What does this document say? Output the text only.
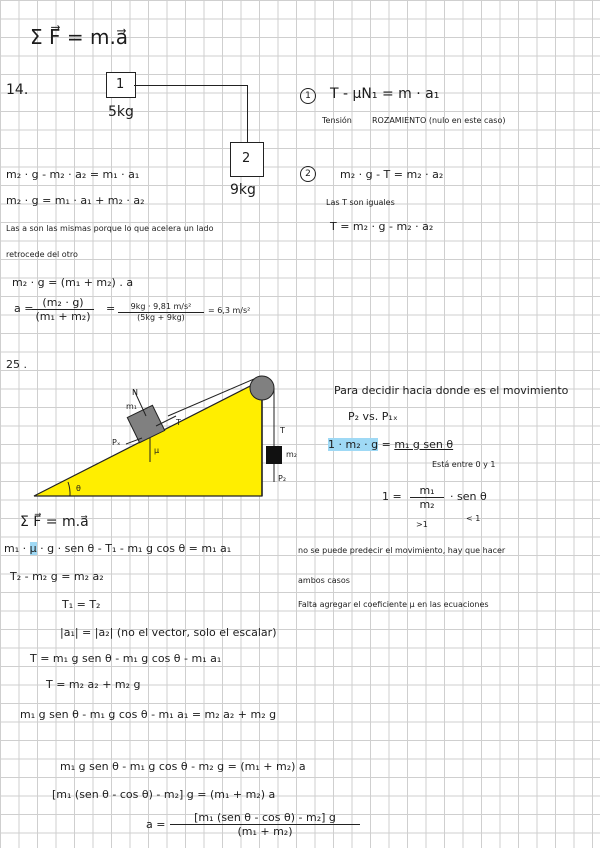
Σ F⃗ = m.a⃗
14.	1
5kg
2
9kg
1	T - μN₁ = m · a₁
Tensión	ROZAMIENTO (nulo en este caso)
2	m₂ · g - T = m₂ · a₂
Las T son iguales
T = m₂ · g - m₂ · a₂
m₂ · g - m₂ · a₂ = m₁ · a₁
m₂ · g = m₁ · a₁ + m₂ · a₂
Las a son las mismas porque lo que acelera un lado
retrocede del otro
m₂ · g = (m₁ + m₂) . a
a =
$\frac{\text{(m₂ · g)}}{\text{(m₁ + m₂)}} = \frac{\text{9kg · 9,81 m/s²}}{(5kg + 9kg)} = 6,3$ m/s²
25 .
N
m₁
T
Pₓ
μ
θ
T
m₂
P₂
Para decidir hacia donde es el movimiento
P₂ vs. P₁ₓ
1 · m₂ · g = m₁ g sen θ
Está entre 0 y 1
$1 = \frac{\text{m₁}}{\text{m₂}}$ · sen θ
>1
< 1
Σ F⃗ = m.a⃗
m₁ · μ · g · sen θ - T₁ - m₁ g cos θ = m₁ a₁	no se puede predecir el movimiento, hay que hacer
T₂ - m₂ g = m₂ a₂	ambos casos
T₁ = T₂	Falta agregar el coeficiente μ en las ecuaciones
|a₁| = |a₂| (no el vector, solo el escalar)
T = m₁ g sen θ - m₁ g cos θ - m₁ a₁
T = m₂ a₂ + m₂ g
m₁ g sen θ - m₁ g cos θ - m₁ a₁ = m₂ a₂ + m₂ g
m₁ g sen θ - m₁ g cos θ - m₂ g = (m₁ + m₂) a
[m₁ (sen θ - cos θ) - m₂] g = (m₁ + m₂) a
a =
[m₁ (sen θ - cos θ) - m₂] g
(m₁ + m₂)
